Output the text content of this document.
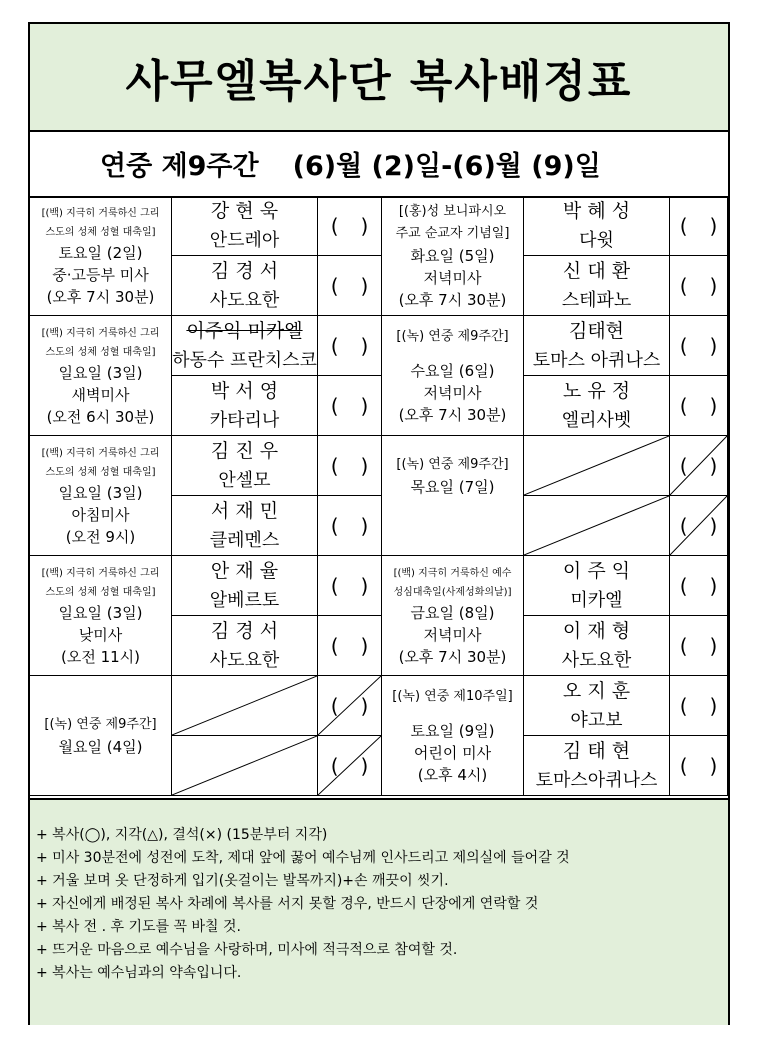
사무엘복사단 복사배정표
연중 제9주간 (6)월 (2)일-(6)월 (9)일
[(백) 지극히 거룩하신 그리
스도의 성체 성혈 대축일]
토요일 (2일)
중·고등부 미사
(오후 7시 30분)
강 현 욱
안드레아
( )
김 경 서
사도요한
( )
[(백) 지극히 거룩하신 그리
스도의 성체 성혈 대축일]
일요일 (3일)
새벽미사
(오전 6시 30분)
이주익 미카엘
하동수 프란치스코
( )
박 서 영
카타리나
( )
[(백) 지극히 거룩하신 그리
스도의 성체 성혈 대축일]
일요일 (3일)
아침미사
(오전 9시)
김 진 우
안셀모
( )
서 재 민
클레멘스
( )
[(백) 지극히 거룩하신 그리
스도의 성체 성혈 대축일]
일요일 (3일)
낮미사
(오전 11시)
안 재 율
알베르토
( )
김 경 서
사도요한
( )
[(녹) 연중 제9주간]
월요일 (4일)
( )
( )
[(홍)성 보니파시오
주교 순교자 기념일]
화요일 (5일)
저녁미사
(오후 7시 30분)
박 혜 성
다윗
( )
신 대 환
스테파노
( )
[(녹) 연중 제9주간]
수요일 (6일)
저녁미사
(오후 7시 30분)
김태현
토마스 아퀴나스
( )
노 유 정
엘리사벳
( )
[(녹) 연중 제9주간]
목요일 (7일)
( )
( )
[(백) 지극히 거룩하신 예수
성심대축일(사제성화의날)]
금요일 (8일)
저녁미사
(오후 7시 30분)
이 주 익
미카엘
( )
이 재 형
사도요한
( )
[(녹) 연중 제10주일]
토요일 (9일)
어린이 미사
(오후 4시)
오 지 훈
야고보
( )
김 태 현
토마스아퀴나스
( )
+ 복사(◯), 지각(△), 결석(×) (15분부터 지각)
+ 미사 30분전에 성전에 도착, 제대 앞에 꿇어 예수님께 인사드리고 제의실에 들어갈 것
+ 거울 보며 옷 단정하게 입기(옷걸이는 발목까지)+손 깨끗이 씻기.
+ 자신에게 배정된 복사 차례에 복사를 서지 못할 경우, 반드시 단장에게 연락할 것
+ 복사 전 . 후 기도를 꼭 바칠 것.
+ 뜨거운 마음으로 예수님을 사랑하며, 미사에 적극적으로 참여할 것.
+ 복사는 예수님과의 약속입니다.
